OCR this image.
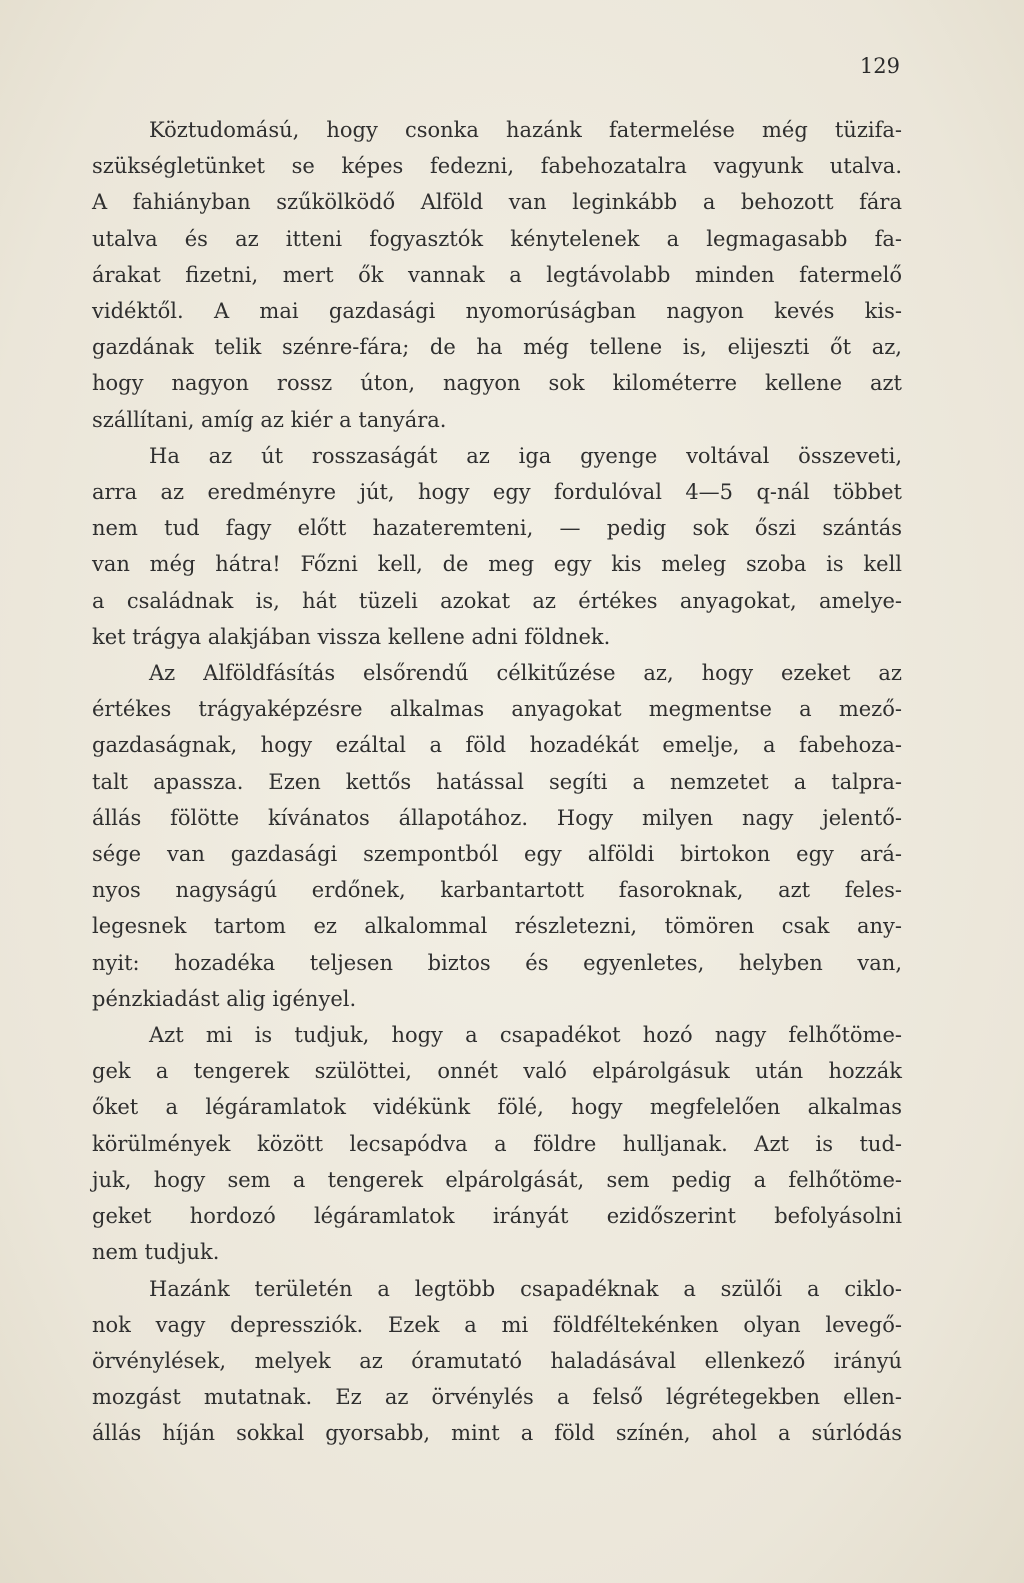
129
Köztudomású, hogy csonka hazánk fatermelése még tüzifa-
szükségletünket se képes fedezni, fabehozatalra vagyunk utalva.
A fahiányban szűkölködő Alföld van leginkább a behozott fára
utalva és az itteni fogyasztók kénytelenek a legmagasabb fa-
árakat fizetni, mert ők vannak a legtávolabb minden fatermelő
vidéktől. A mai gazdasági nyomorúságban nagyon kevés kis-
gazdának telik szénre-fára; de ha még tellene is, elijeszti őt az,
hogy nagyon rossz úton, nagyon sok kilométerre kellene azt
szállítani, amíg az kiér a tanyára.
Ha az út rosszaságát az iga gyenge voltával összeveti,
arra az eredményre jút, hogy egy fordulóval 4—5 q-nál többet
nem tud fagy előtt hazateremteni, — pedig sok őszi szántás
van még hátra! Főzni kell, de meg egy kis meleg szoba is kell
a családnak is, hát tüzeli azokat az értékes anyagokat, amelye-
ket trágya alakjában vissza kellene adni földnek.
Az Alföldfásítás elsőrendű célkitűzése az, hogy ezeket az
értékes trágyaképzésre alkalmas anyagokat megmentse a mező-
gazdaságnak, hogy ezáltal a föld hozadékát emelje, a fabehoza-
talt apassza. Ezen kettős hatással segíti a nemzetet a talpra-
állás fölötte kívánatos állapotához. Hogy milyen nagy jelentő-
sége van gazdasági szempontból egy alföldi birtokon egy ará-
nyos nagyságú erdőnek, karbantartott fasoroknak, azt feles-
legesnek tartom ez alkalommal részletezni, tömören csak any-
nyit: hozadéka teljesen biztos és egyenletes, helyben van,
pénzkiadást alig igényel.
Azt mi is tudjuk, hogy a csapadékot hozó nagy felhőtöme-
gek a tengerek szülöttei, onnét való elpárolgásuk után hozzák
őket a légáramlatok vidékünk fölé, hogy megfelelően alkalmas
körülmények között lecsapódva a földre hulljanak. Azt is tud-
juk, hogy sem a tengerek elpárolgását, sem pedig a felhőtöme-
geket hordozó légáramlatok irányát ezidőszerint befolyásolni
nem tudjuk.
Hazánk területén a legtöbb csapadéknak a szülői a ciklo-
nok vagy depressziók. Ezek a mi földféltekénken olyan levegő-
örvénylések, melyek az óramutató haladásával ellenkező irányú
mozgást mutatnak. Ez az örvénylés a felső légrétegekben ellen-
állás híján sokkal gyorsabb, mint a föld színén, ahol a súrlódás
